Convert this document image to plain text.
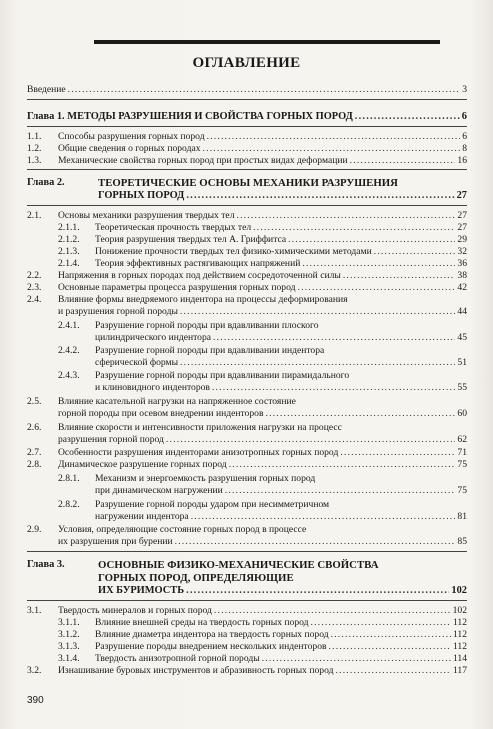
ОГЛАВЛЕНИЕ
Введение .....	3
Глава 1. МЕТОДЫ РАЗРУШЕНИЯ И СВОЙСТВА ГОРНЫХ ПОРОД .....	6
1.1. Способы разрушения горных пород .....	6
1.2. Общие сведения о горных породах .....	8
1.3. Механические свойства горных пород при простых видах деформации .....	16
Глава 2.	ТЕОРЕТИЧЕСКИЕ ОСНОВЫ МЕХАНИКИ РАЗРУШЕНИЯ
ГОРНЫХ ПОРОД .....	27
2.1. Основы механики разрушения твердых тел .....	27
2.1.1. Теоретическая прочность твердых тел .....	27
2.1.2. Теория разрушения твердых тел А. Гриффитса .....	29
2.1.3. Понижение прочности твердых тел физико-химическими методами .....	32
2.1.4. Теория эффективных растягивающих напряжений .....	36
2.2. Напряжения в горных породах под действием сосредоточенной силы .....	38
2.3. Основные параметры процесса разрушения горных пород .....	42
2.4. Влияние формы внедряемого индентора на процессы деформирования
и разрушения горной породы .....	44
2.4.1. Разрушение горной породы при вдавливании плоского
цилиндрического индентора .....	45
2.4.2. Разрушение горной породы при вдавливании индентора
сферической формы .....	51
2.4.3. Разрушение горной породы при вдавливании пирамидального
и клиновидного инденторов .....	55
2.5. Влияние касательной нагрузки на напряженное состояние
горной породы при осевом внедрении инденторов .....	60
2.6. Влияние скорости и интенсивности приложения нагрузки на процесс
разрушения горной пород .....	62
2.7. Особенности разрушения инденторами анизотропных горных пород .....	71
2.8. Динамическое разрушение горных пород .....	75
2.8.1. Механизм и энергоемкость разрушения горных пород
при динамическом нагружении .....	75
2.8.2. Разрушение горной породы ударом при несимметричном
нагружении индентора .....	81
2.9. Условия, определяющие состояние горных пород в процессе
их разрушения при бурении .....	85
Глава 3.	ОСНОВНЫЕ ФИЗИКО-МЕХАНИЧЕСКИЕ СВОЙСТВА
ГОРНЫХ ПОРОД, ОПРЕДЕЛЯЮЩИЕ
ИХ БУРИМОСТЬ .....	102
3.1. Твердость минералов и горных пород .....	102
3.1.1. Влияние внешней среды на твердость горных пород .....	112
3.1.2. Влияние диаметра индентора на твердость горных пород .....	112
3.1.3. Разрушение породы внедрением нескольких инденторов .....	112
3.1.4. Твердость анизотропной горной породы .....	114
3.2. Изнашивание буровых инструментов и абразивность горных пород .....	117
390
